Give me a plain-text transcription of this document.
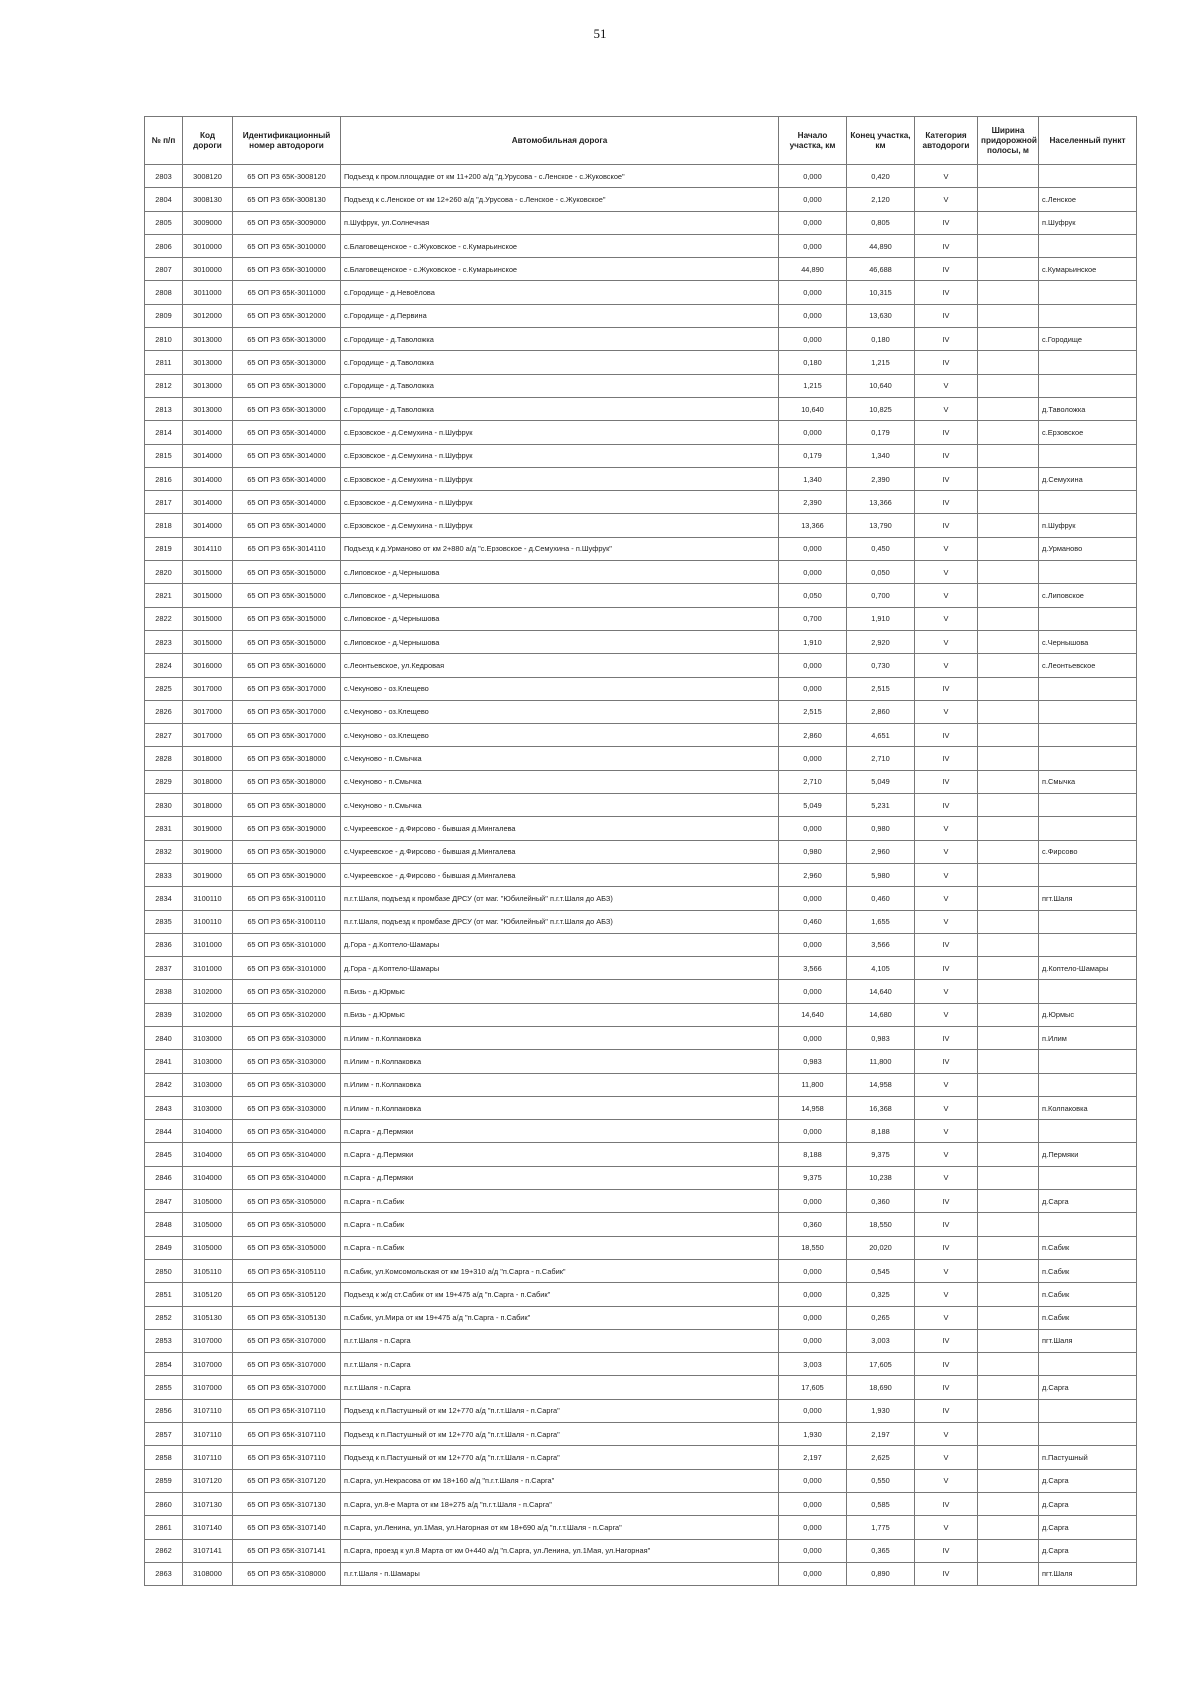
51
№ п/п	Код дороги	Идентификационный номер автодороги	Автомобильная дорога	Начало участка, км	Конец участка, км	Категория автодороги	Ширина придорожной полосы, м	Населенный пункт
2803	3008120	65 ОП РЗ 65К-3008120	Подъезд к пром.площадке от км 11+200 а/д "д.Урусова - с.Ленское - с.Жуковское"	0,000	0,420	V		
2804	3008130	65 ОП РЗ 65К-3008130	Подъезд к с.Ленское от км 12+260 а/д "д.Урусова - с.Ленское - с.Жуковское"	0,000	2,120	V		с.Ленское
2805	3009000	65 ОП РЗ 65К-3009000	п.Шуфрук, ул.Солнечная	0,000	0,805	IV		п.Шуфрук
2806	3010000	65 ОП РЗ 65К-3010000	с.Благовещенское - с.Жуковское - с.Кумарьинское	0,000	44,890	IV		
2807	3010000	65 ОП РЗ 65К-3010000	с.Благовещенское - с.Жуковское - с.Кумарьинское	44,890	46,688	IV		с.Кумарьинское
2808	3011000	65 ОП РЗ 65К-3011000	с.Городище - д.Невоёлова	0,000	10,315	IV		
2809	3012000	65 ОП РЗ 65К-3012000	с.Городище - д.Первина	0,000	13,630	IV		
2810	3013000	65 ОП РЗ 65К-3013000	с.Городище - д.Таволожка	0,000	0,180	IV		с.Городище
2811	3013000	65 ОП РЗ 65К-3013000	с.Городище - д.Таволожка	0,180	1,215	IV		
2812	3013000	65 ОП РЗ 65К-3013000	с.Городище - д.Таволожка	1,215	10,640	V		
2813	3013000	65 ОП РЗ 65К-3013000	с.Городище - д.Таволожка	10,640	10,825	V		д.Таволожка
2814	3014000	65 ОП РЗ 65К-3014000	с.Ерзовское - д.Семухина - п.Шуфрук	0,000	0,179	IV		с.Ерзовское
2815	3014000	65 ОП РЗ 65К-3014000	с.Ерзовское - д.Семухина - п.Шуфрук	0,179	1,340	IV		
2816	3014000	65 ОП РЗ 65К-3014000	с.Ерзовское - д.Семухина - п.Шуфрук	1,340	2,390	IV		д.Семухина
2817	3014000	65 ОП РЗ 65К-3014000	с.Ерзовское - д.Семухина - п.Шуфрук	2,390	13,366	IV		
2818	3014000	65 ОП РЗ 65К-3014000	с.Ерзовское - д.Семухина - п.Шуфрук	13,366	13,790	IV		п.Шуфрук
2819	3014110	65 ОП РЗ 65К-3014110	Подъезд к д.Урманово от км 2+880 а/д "с.Ерзовское - д.Семухина - п.Шуфрук"	0,000	0,450	V		д.Урманово
2820	3015000	65 ОП РЗ 65К-3015000	с.Липовское - д.Чернышова	0,000	0,050	V		
2821	3015000	65 ОП РЗ 65К-3015000	с.Липовское - д.Чернышова	0,050	0,700	V		с.Липовское
2822	3015000	65 ОП РЗ 65К-3015000	с.Липовское - д.Чернышова	0,700	1,910	V		
2823	3015000	65 ОП РЗ 65К-3015000	с.Липовское - д.Чернышова	1,910	2,920	V		с.Чернышова
2824	3016000	65 ОП РЗ 65К-3016000	с.Леонтьевское, ул.Кедровая	0,000	0,730	V		с.Леонтьевское
2825	3017000	65 ОП РЗ 65К-3017000	с.Чекуново - оз.Клещево	0,000	2,515	IV		
2826	3017000	65 ОП РЗ 65К-3017000	с.Чекуново - оз.Клещево	2,515	2,860	V		
2827	3017000	65 ОП РЗ 65К-3017000	с.Чекуново - оз.Клещево	2,860	4,651	IV		
2828	3018000	65 ОП РЗ 65К-3018000	с.Чекуново - п.Смычка	0,000	2,710	IV		
2829	3018000	65 ОП РЗ 65К-3018000	с.Чекуново - п.Смычка	2,710	5,049	IV		п.Смычка
2830	3018000	65 ОП РЗ 65К-3018000	с.Чекуново - п.Смычка	5,049	5,231	IV		
2831	3019000	65 ОП РЗ 65К-3019000	с.Чукреевское - д.Фирсово - бывшая д.Мингалева	0,000	0,980	V		
2832	3019000	65 ОП РЗ 65К-3019000	с.Чукреевское - д.Фирсово - бывшая д.Мингалева	0,980	2,960	V		с.Фирсово
2833	3019000	65 ОП РЗ 65К-3019000	с.Чукреевское - д.Фирсово - бывшая д.Мингалева	2,960	5,980	V		
2834	3100110	65 ОП РЗ 65К-3100110	п.г.т.Шаля, подъезд к промбазе ДРСУ (от маг. "Юбилейный" п.г.т.Шаля до АБЗ)	0,000	0,460	V		пгт.Шаля
2835	3100110	65 ОП РЗ 65К-3100110	п.г.т.Шаля, подъезд к промбазе ДРСУ (от маг. "Юбилейный" п.г.т.Шаля до АБЗ)	0,460	1,655	V		
2836	3101000	65 ОП РЗ 65К-3101000	д.Гора - д.Коптело-Шамары	0,000	3,566	IV		
2837	3101000	65 ОП РЗ 65К-3101000	д.Гора - д.Коптело-Шамары	3,566	4,105	IV		д.Коптело-Шамары
2838	3102000	65 ОП РЗ 65К-3102000	п.Бизь - д.Юрмыс	0,000	14,640	V		
2839	3102000	65 ОП РЗ 65К-3102000	п.Бизь - д.Юрмыс	14,640	14,680	V		д.Юрмыс
2840	3103000	65 ОП РЗ 65К-3103000	п.Илим - п.Колпаковка	0,000	0,983	IV		п.Илим
2841	3103000	65 ОП РЗ 65К-3103000	п.Илим - п.Колпаковка	0,983	11,800	IV		
2842	3103000	65 ОП РЗ 65К-3103000	п.Илим - п.Колпаковка	11,800	14,958	V		
2843	3103000	65 ОП РЗ 65К-3103000	п.Илим - п.Колпаковка	14,958	16,368	V		п.Колпаковка
2844	3104000	65 ОП РЗ 65К-3104000	п.Сарга - д.Пермяки	0,000	8,188	V		
2845	3104000	65 ОП РЗ 65К-3104000	п.Сарга - д.Пермяки	8,188	9,375	V		д.Пермяки
2846	3104000	65 ОП РЗ 65К-3104000	п.Сарга - д.Пермяки	9,375	10,238	V		
2847	3105000	65 ОП РЗ 65К-3105000	п.Сарга - п.Сабик	0,000	0,360	IV		д.Сарга
2848	3105000	65 ОП РЗ 65К-3105000	п.Сарга - п.Сабик	0,360	18,550	IV		
2849	3105000	65 ОП РЗ 65К-3105000	п.Сарга - п.Сабик	18,550	20,020	IV		п.Сабик
2850	3105110	65 ОП РЗ 65К-3105110	п.Сабик, ул.Комсомольская от км 19+310 а/д "п.Сарга - п.Сабик"	0,000	0,545	V		п.Сабик
2851	3105120	65 ОП РЗ 65К-3105120	Подъезд к ж/д ст.Сабик от км 19+475 а/д "п.Сарга - п.Сабик"	0,000	0,325	V		п.Сабик
2852	3105130	65 ОП РЗ 65К-3105130	п.Сабик, ул.Мира от км 19+475 а/д "п.Сарга - п.Сабик"	0,000	0,265	V		п.Сабик
2853	3107000	65 ОП РЗ 65К-3107000	п.г.т.Шаля - п.Сарга	0,000	3,003	IV		пгт.Шаля
2854	3107000	65 ОП РЗ 65К-3107000	п.г.т.Шаля - п.Сарга	3,003	17,605	IV		
2855	3107000	65 ОП РЗ 65К-3107000	п.г.т.Шаля - п.Сарга	17,605	18,690	IV		д.Сарга
2856	3107110	65 ОП РЗ 65К-3107110	Подъезд к п.Пастушный от км 12+770 а/д "п.г.т.Шаля - п.Сарга"	0,000	1,930	IV		
2857	3107110	65 ОП РЗ 65К-3107110	Подъезд к п.Пастушный от км 12+770 а/д "п.г.т.Шаля - п.Сарга"	1,930	2,197	V		
2858	3107110	65 ОП РЗ 65К-3107110	Подъезд к п.Пастушный от км 12+770 а/д "п.г.т.Шаля - п.Сарга"	2,197	2,625	V		п.Пастушный
2859	3107120	65 ОП РЗ 65К-3107120	п.Сарга, ул.Некрасова от км 18+160 а/д "п.г.т.Шаля - п.Сарга"	0,000	0,550	V		д.Сарга
2860	3107130	65 ОП РЗ 65К-3107130	п.Сарга, ул.8-е Марта от км 18+275 а/д "п.г.т.Шаля - п.Сарга"	0,000	0,585	IV		д.Сарга
2861	3107140	65 ОП РЗ 65К-3107140	п.Сарга, ул.Ленина, ул.1Мая, ул.Нагорная от км 18+690 а/д "п.г.т.Шаля - п.Сарга"	0,000	1,775	V		д.Сарга
2862	3107141	65 ОП РЗ 65К-3107141	п.Сарга, проезд к ул.8 Марта от км 0+440 а/д "п.Сарга, ул.Ленина, ул.1Мая, ул.Нагорная"	0,000	0,365	IV		д.Сарга
2863	3108000	65 ОП РЗ 65К-3108000	п.г.т.Шаля - п.Шамары	0,000	0,890	IV		пгт.Шаля
